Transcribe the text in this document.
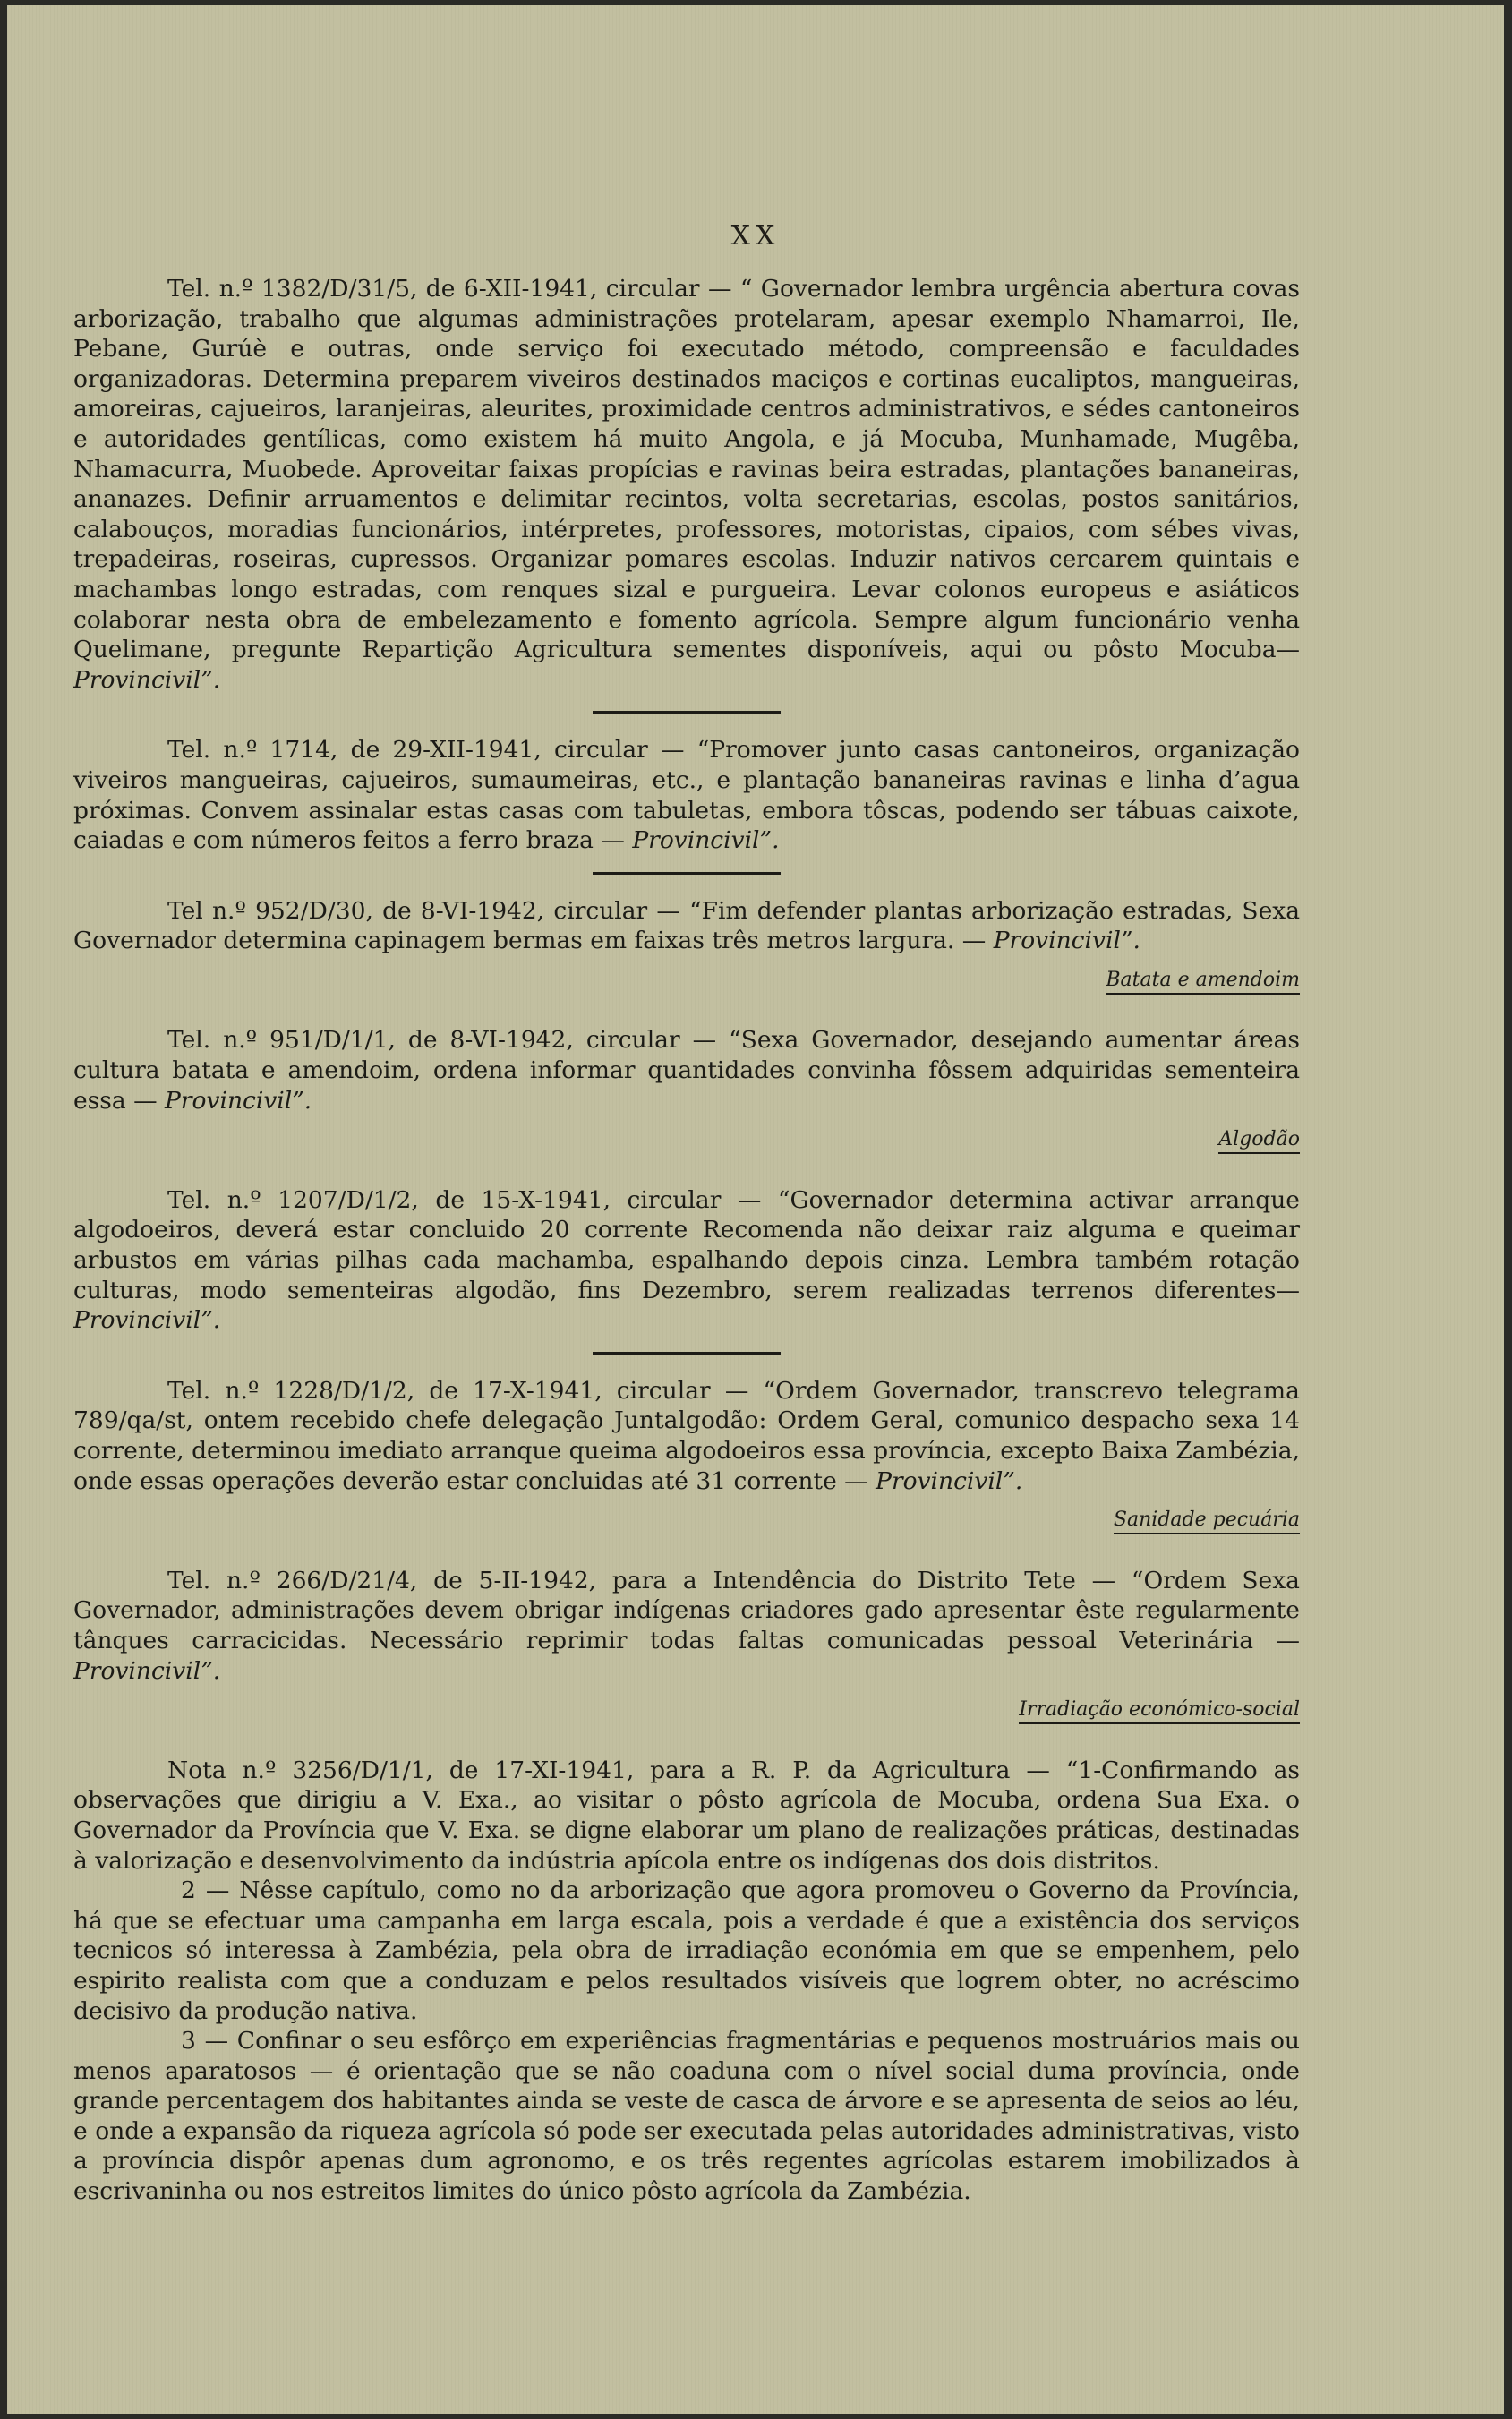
XX

Tel. n.º 1382/D/31/5, de 6-XII-1941, circular — “ Governador lembra urgência abertura covas arborização, trabalho que algumas administrações protelaram, apesar exemplo Nhamarroi, Ile, Pebane, Gurúè e outras, onde serviço foi executado método, compreensão e faculdades organizadoras. Determina preparem viveiros destinados maciços e cortinas eucaliptos, mangueiras, amoreiras, cajueiros, laranjeiras, aleurites, proximidade centros administrativos, e sédes cantoneiros e autoridades gentílicas, como existem há muito Angola, e já Mocuba, Munhamade, Mugêba, Nhamacurra, Muobede. Aproveitar faixas propícias e ravinas beira estradas, plantações bananeiras, ananazes. Definir arruamentos e delimitar recintos, volta secretarias, escolas, postos sanitários, calabouços, moradias funcionários, intérpretes, professores, motoristas, cipaios, com sébes vivas, trepadeiras, roseiras, cupressos. Organizar pomares escolas. Induzir nativos cercarem quintais e machambas longo estradas, com renques sizal e purgueira. Levar colonos europeus e asiáticos colaborar nesta obra de embelezamento e fomento agrícola. Sempre algum funcionário venha Quelimane, pregunte Repartição Agricultura sementes disponíveis, aqui ou pôsto Mocuba— Provincivil”.

Tel. n.º 1714, de 29-XII-1941, circular — “Promover junto casas cantoneiros, organização viveiros mangueiras, cajueiros, sumaumeiras, etc., e plantação bananeiras ravinas e linha d’agua próximas. Convem assinalar estas casas com tabuletas, embora tôscas, podendo ser tábuas caixote, caiadas e com números feitos a ferro braza — Provincivil”.

Tel n.º 952/D/30, de 8-VI-1942, circular — “Fim defender plantas arborização estradas, Sexa Governador determina capinagem bermas em faixas três metros largura. — Provincivil”.

Batata e amendoim

Tel. n.º 951/D/1/1, de 8-VI-1942, circular — “Sexa Governador, desejando aumentar áreas cultura batata e amendoim, ordena informar quantidades convinha fôssem adquiridas sementeira essa — Provincivil”.

Algodão

Tel. n.º 1207/D/1/2, de 15-X-1941, circular — “Governador determina activar arranque algodoeiros, deverá estar concluido 20 corrente Recomenda não deixar raiz alguma e queimar arbustos em várias pilhas cada machamba, espalhando depois cinza. Lembra também rotação culturas, modo sementeiras algodão, fins Dezembro, serem realizadas terrenos diferentes— Provincivil”.

Tel. n.º 1228/D/1/2, de 17-X-1941, circular — “Ordem Governador, transcrevo telegrama 789/qa/st, ontem recebido chefe delegação Juntalgodão: Ordem Geral, comunico despacho sexa 14 corrente, determinou imediato arranque queima algodoeiros essa província, excepto Baixa Zambézia, onde essas operações deverão estar concluidas até 31 corrente — Provincivil”.

Sanidade pecuária

Tel. n.º 266/D/21/4, de 5-II-1942, para a Intendência do Distrito Tete — “Ordem Sexa Governador, administrações devem obrigar indígenas criadores gado apresentar êste regularmente tânques carracicidas. Necessário reprimir todas faltas comunicadas pessoal Veterinária — Provincivil”.

Irradiação económico-social

Nota n.º 3256/D/1/1, de 17-XI-1941, para a R. P. da Agricultura — “1-Confirmando as observações que dirigiu a V. Exa., ao visitar o pôsto agrícola de Mocuba, ordena Sua Exa. o Governador da Província que V. Exa. se digne elaborar um plano de realizações práticas, destinadas à valorização e desenvolvimento da indústria apícola entre os indígenas dos dois distritos.

2 — Nêsse capítulo, como no da arborização que agora promoveu o Governo da Província, há que se efectuar uma campanha em larga escala, pois a verdade é que a existência dos serviços tecnicos só interessa à Zambézia, pela obra de irradiação económia em que se empenhem, pelo espirito realista com que a conduzam e pelos resultados visíveis que logrem obter, no acréscimo decisivo da produção nativa.

3 — Confinar o seu esfôrço em experiências fragmentárias e pequenos mostruários mais ou menos aparatosos — é orientação que se não coaduna com o nível social duma província, onde grande percentagem dos habitantes ainda se veste de casca de árvore e se apresenta de seios ao léu, e onde a expansão da riqueza agrícola só pode ser executada pelas autoridades administrativas, visto a província dispôr apenas dum agronomo, e os três regentes agrícolas estarem imobilizados à escrivaninha ou nos estreitos limites do único pôsto agrícola da Zambézia.
